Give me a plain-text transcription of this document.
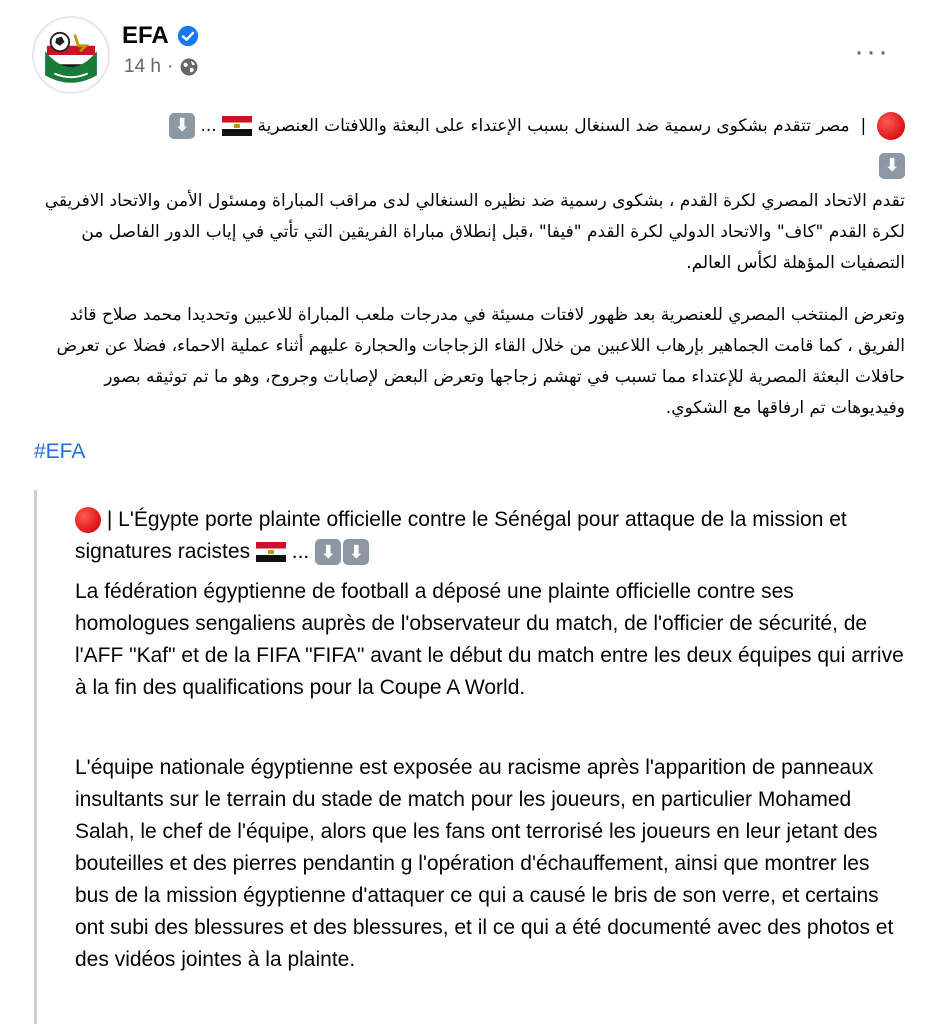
EFA
14 h ·	···
|  مصر تتقدم بشكوى رسمية ضد السنغال بسبب الإعتداء على البعثة واللافتات العنصرية  ... ⬇
⬇
تقدم الاتحاد المصري لكرة القدم ، بشكوى رسمية ضد نظيره السنغالي لدى مراقب المباراة ومسئول الأمن والاتحاد الافريقي لكرة القدم "كاف" والاتحاد الدولي لكرة القدم "فيفا" ،قبل إنطلاق مباراة الفريقين التي تأتي في إياب الدور الفاصل من التصفيات المؤهلة لكأس العالم.
وتعرض المنتخب المصري للعنصرية بعد ظهور لافتات مسيئة في مدرجات ملعب المباراة للاعبين وتحديدا محمد صلاح قائد الفريق ، كما قامت الجماهير بإرهاب اللاعبين من خلال القاء الزجاجات والحجارة عليهم أثناء عملية الاحماء، فضلا عن تعرض حافلات البعثة المصرية للإعتداء مما تسبب في تهشم زجاجها وتعرض البعض لإصابات وجروح، وهو ما تم توثيقه بصور وفيديوهات تم ارفاقها مع الشكوي.
#EFA
| L'Égypte porte plainte officielle contre le Sénégal pour attaque de la mission et signatures racistes ... ⬇ ⬇
La fédération égyptienne de football a déposé une plainte officielle contre ses homologues sengaliens auprès de l'observateur du match, de l'officier de sécurité, de l'AFF "Kaf" et de la FIFA "FIFA" avant le début du match entre les deux équipes qui arrive à la fin des qualifications pour la Coupe A World.
L'équipe nationale égyptienne est exposée au racisme après l'apparition de panneaux insultants sur le terrain du stade de match pour les joueurs, en particulier Mohamed Salah, le chef de l'équipe, alors que les fans ont terrorisé les joueurs en leur jetant des bouteilles et des pierres pendantin g l'opération d'échauffement, ainsi que montrer les bus de la mission égyptienne d'attaquer ce qui a causé le bris de son verre, et certains ont subi des blessures et des blessures, et il ce qui a été documenté avec des photos et des vidéos jointes à la plainte.
